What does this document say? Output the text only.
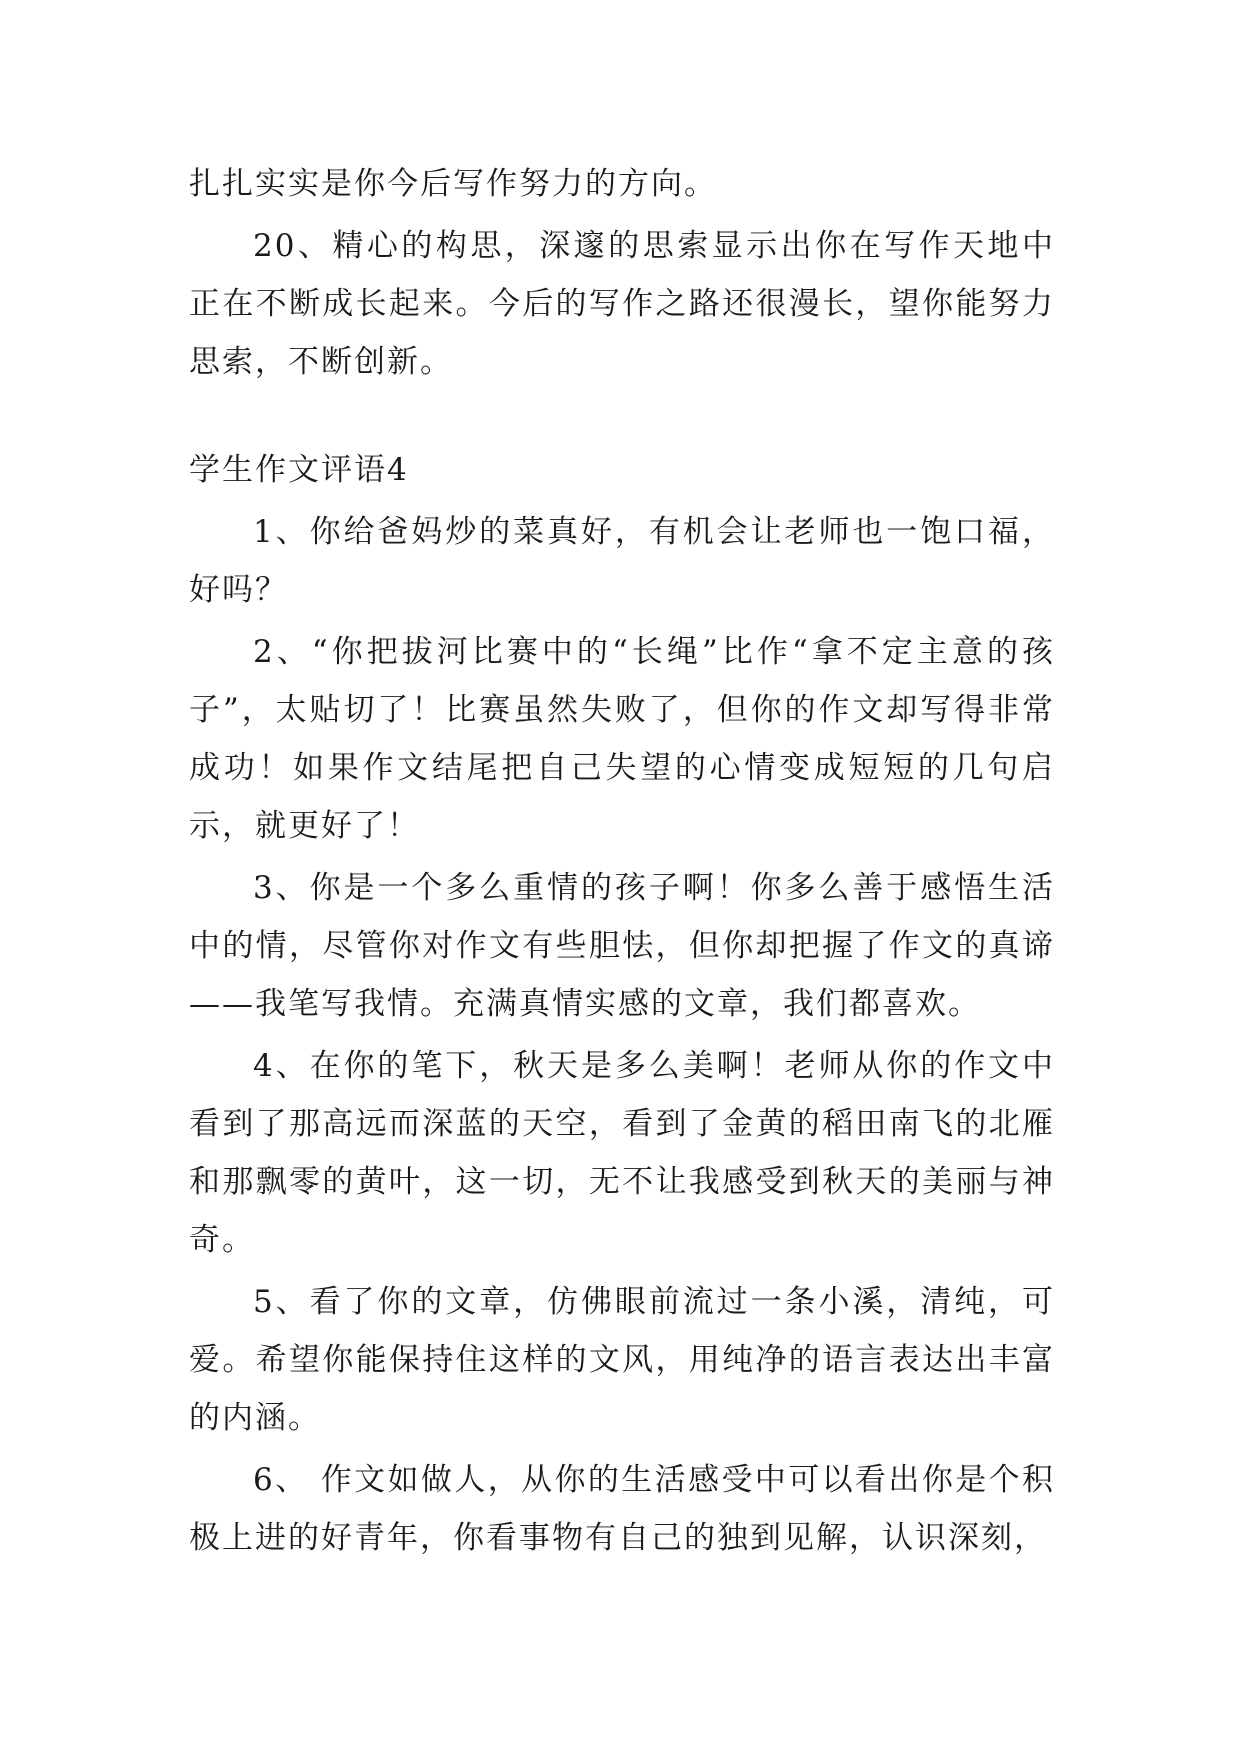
扎扎实实是你今后写作努力的方向。

20、精心的构思，深邃的思索显示出你在写作天地中正在不断成长起来。今后的写作之路还很漫长，望你能努力思索，不断创新。

学生作文评语4

1、你给爸妈炒的菜真好，有机会让老师也一饱口福，好吗？

2、“你把拔河比赛中的“长绳”比作“拿不定主意的孩子”，太贴切了！比赛虽然失败了，但你的作文却写得非常成功！如果作文结尾把自己失望的心情变成短短的几句启示，就更好了！

3、你是一个多么重情的孩子啊！你多么善于感悟生活中的情，尽管你对作文有些胆怯，但你却把握了作文的真谛——我笔写我情。充满真情实感的文章，我们都喜欢。

4、在你的笔下，秋天是多么美啊！老师从你的作文中看到了那高远而深蓝的天空，看到了金黄的稻田南飞的北雁和那飘零的黄叶，这一切，无不让我感受到秋天的美丽与神奇。

5、看了你的文章，仿佛眼前流过一条小溪，清纯，可爱。希望你能保持住这样的文风，用纯净的语言表达出丰富的内涵。

6、 作文如做人，从你的生活感受中可以看出你是个积极上进的好青年，你看事物有自己的独到见解，认识深刻，
